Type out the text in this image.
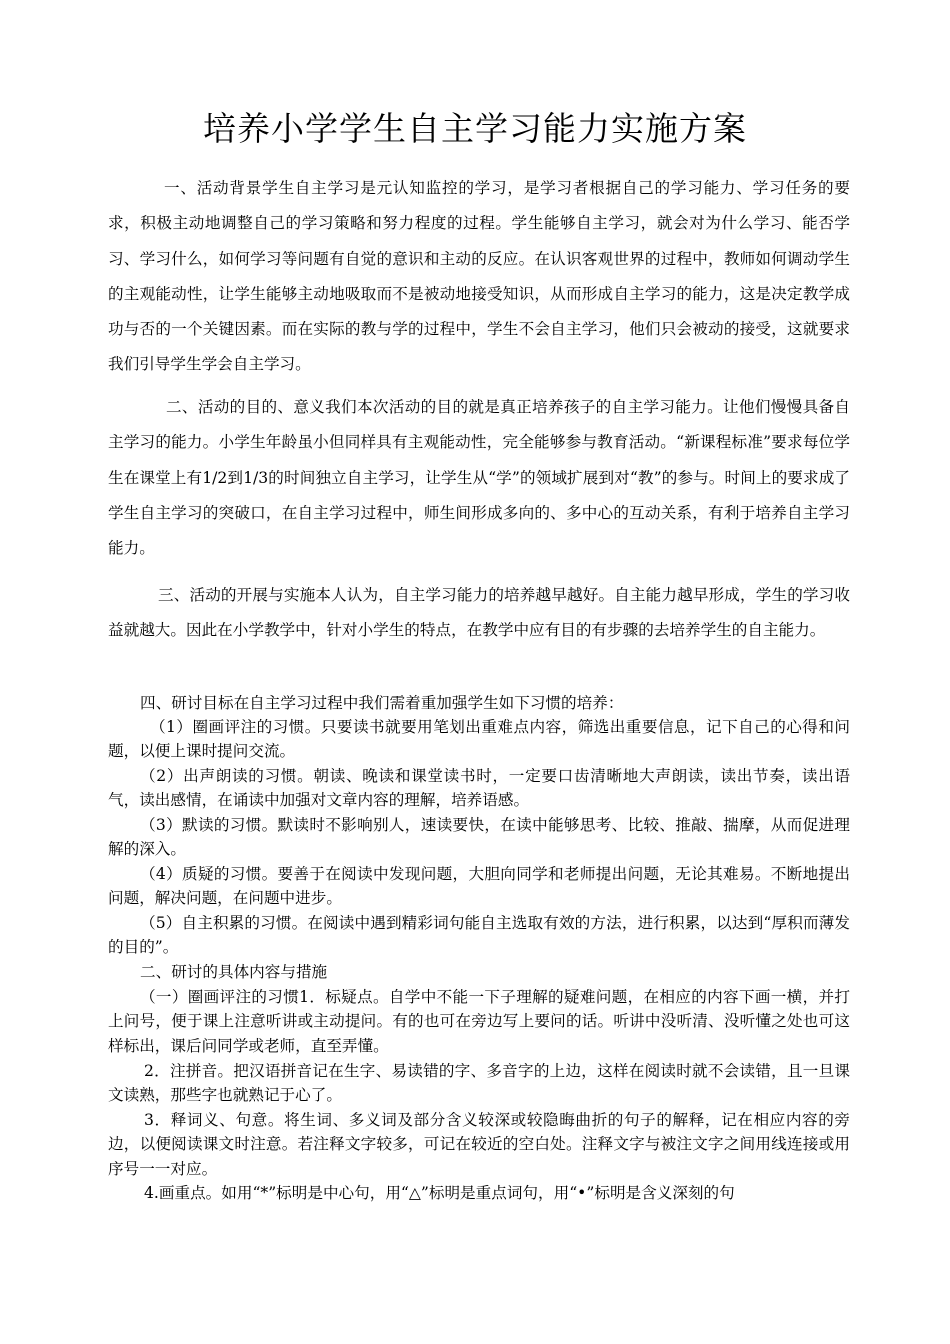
培养小学学生自主学习能力实施方案

一、活动背景学生自主学习是元认知监控的学习，是学习者根据自己的学习能力、学习任务的要求，积极主动地调整自己的学习策略和努力程度的过程。学生能够自主学习，就会对为什么学习、能否学习、学习什么，如何学习等问题有自觉的意识和主动的反应。在认识客观世界的过程中，教师如何调动学生的主观能动性，让学生能够主动地吸取而不是被动地接受知识，从而形成自主学习的能力，这是决定教学成功与否的一个关键因素。而在实际的教与学的过程中，学生不会自主学习，他们只会被动的接受，这就要求我们引导学生学会自主学习。

二、活动的目的、意义我们本次活动的目的就是真正培养孩子的自主学习能力。让他们慢慢具备自主学习的能力。小学生年龄虽小但同样具有主观能动性，完全能够参与教育活动。“新课程标准”要求每位学生在课堂上有1/2到1/3的时间独立自主学习，让学生从“学”的领域扩展到对“教”的参与。时间上的要求成了学生自主学习的突破口，在自主学习过程中，师生间形成多向的、多中心的互动关系，有利于培养自主学习能力。

三、活动的开展与实施本人认为，自主学习能力的培养越早越好。自主能力越早形成，学生的学习收益就越大。因此在小学教学中，针对小学生的特点，在教学中应有目的有步骤的去培养学生的自主能力。

四、研讨目标在自主学习过程中我们需着重加强学生如下习惯的培养：

（1）圈画评注的习惯。只要读书就要用笔划出重难点内容，筛选出重要信息，记下自己的心得和问题，以便上课时提问交流。

（2）出声朗读的习惯。朝读、晚读和课堂读书时，一定要口齿清晰地大声朗读，读出节奏，读出语气，读出感情，在诵读中加强对文章内容的理解，培养语感。

（3）默读的习惯。默读时不影响别人，速读要快，在读中能够思考、比较、推敲、揣摩，从而促进理解的深入。

（4）质疑的习惯。要善于在阅读中发现问题，大胆向同学和老师提出问题，无论其难易。不断地提出问题，解决问题，在问题中进步。

（5）自主积累的习惯。在阅读中遇到精彩词句能自主选取有效的方法，进行积累，以达到“厚积而薄发的目的”。

二、研讨的具体内容与措施

（一）圈画评注的习惯1．标疑点。自学中不能一下子理解的疑难问题，在相应的内容下画一横，并打上问号，便于课上注意听讲或主动提问。有的也可在旁边写上要问的话。听讲中没听清、没听懂之处也可这样标出，课后问同学或老师，直至弄懂。

2．注拼音。把汉语拼音记在生字、易读错的字、多音字的上边，这样在阅读时就不会读错，且一旦课文读熟，那些字也就熟记于心了。

3．释词义、句意。将生词、多义词及部分含义较深或较隐晦曲折的句子的解释，记在相应内容的旁边，以便阅读课文时注意。若注释文字较多，可记在较近的空白处。注释文字与被注文字之间用线连接或用序号一一对应。

4.画重点。如用“*”标明是中心句，用“△”标明是重点词句，用“•”标明是含义深刻的句
